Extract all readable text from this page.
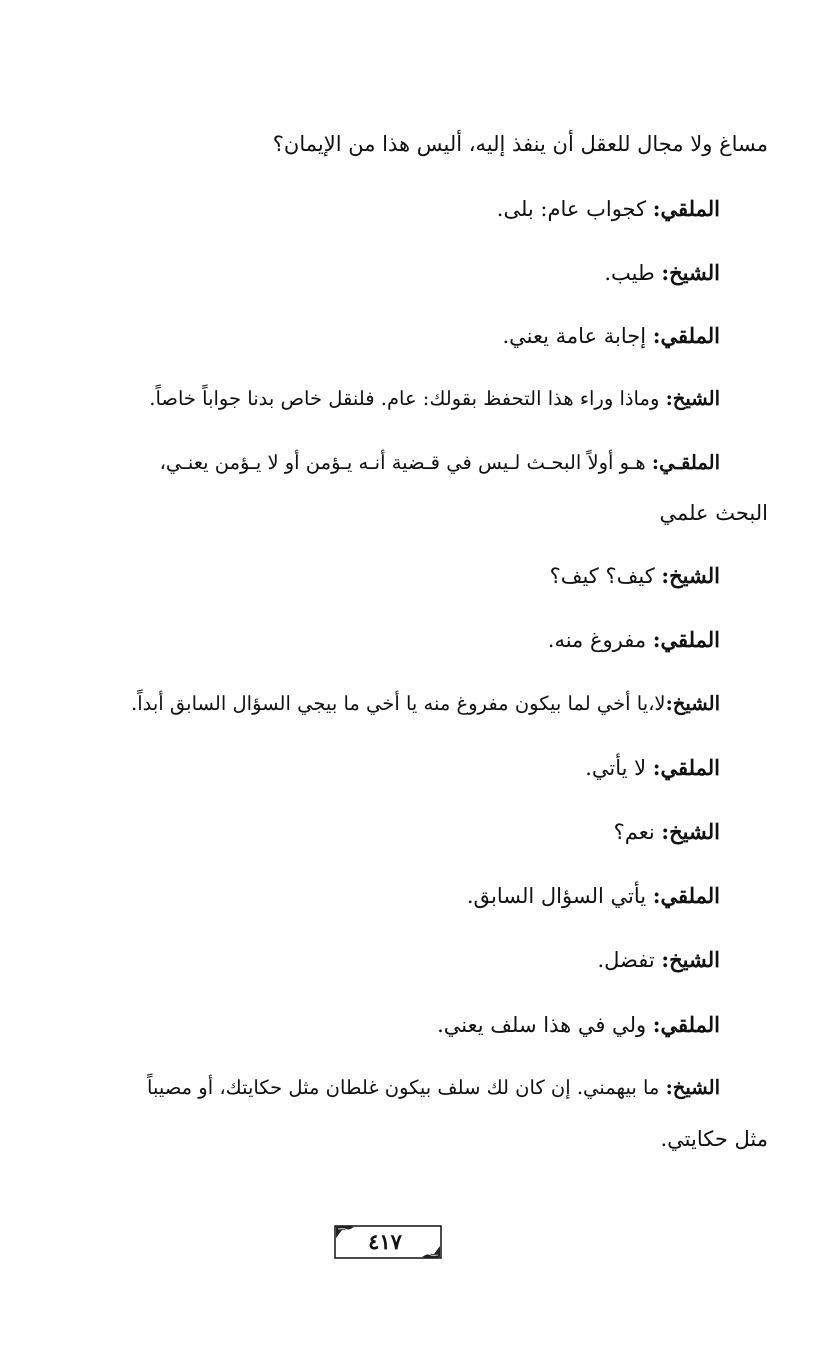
مساغ ولا مجال للعقل أن ينفذ إليه، أليس هذا من الإيمان؟
الملقي: كجواب عام: بلى.
الشيخ: طيب.
الملقي: إجابة عامة يعني.
الشيخ: وماذا وراء هذا التحفظ بقولك: عام. فلنقل خاص بدنا جواباً خاصاً.
الملقـي: هـو أولاً البحـث لـيس في قـضية أنـه يـؤمن أو لا يـؤمن يعنـي،
البحث علمي
الشيخ: كيف؟ كيف؟
الملقي: مفروغ منه.
الشيخ:لا،يا أخي لما بيكون مفروغ منه يا أخي ما بيجي السؤال السابق أبداً.
الملقي: لا يأتي.
الشيخ: نعم؟
الملقي: يأتي السؤال السابق.
الشيخ: تفضل.
الملقي: ولي في هذا سلف يعني.
الشيخ: ما بيهمني. إن كان لك سلف بيكون غلطان مثل حكايتك، أو مصيباً
مثل حكايتي.
٤١٧
